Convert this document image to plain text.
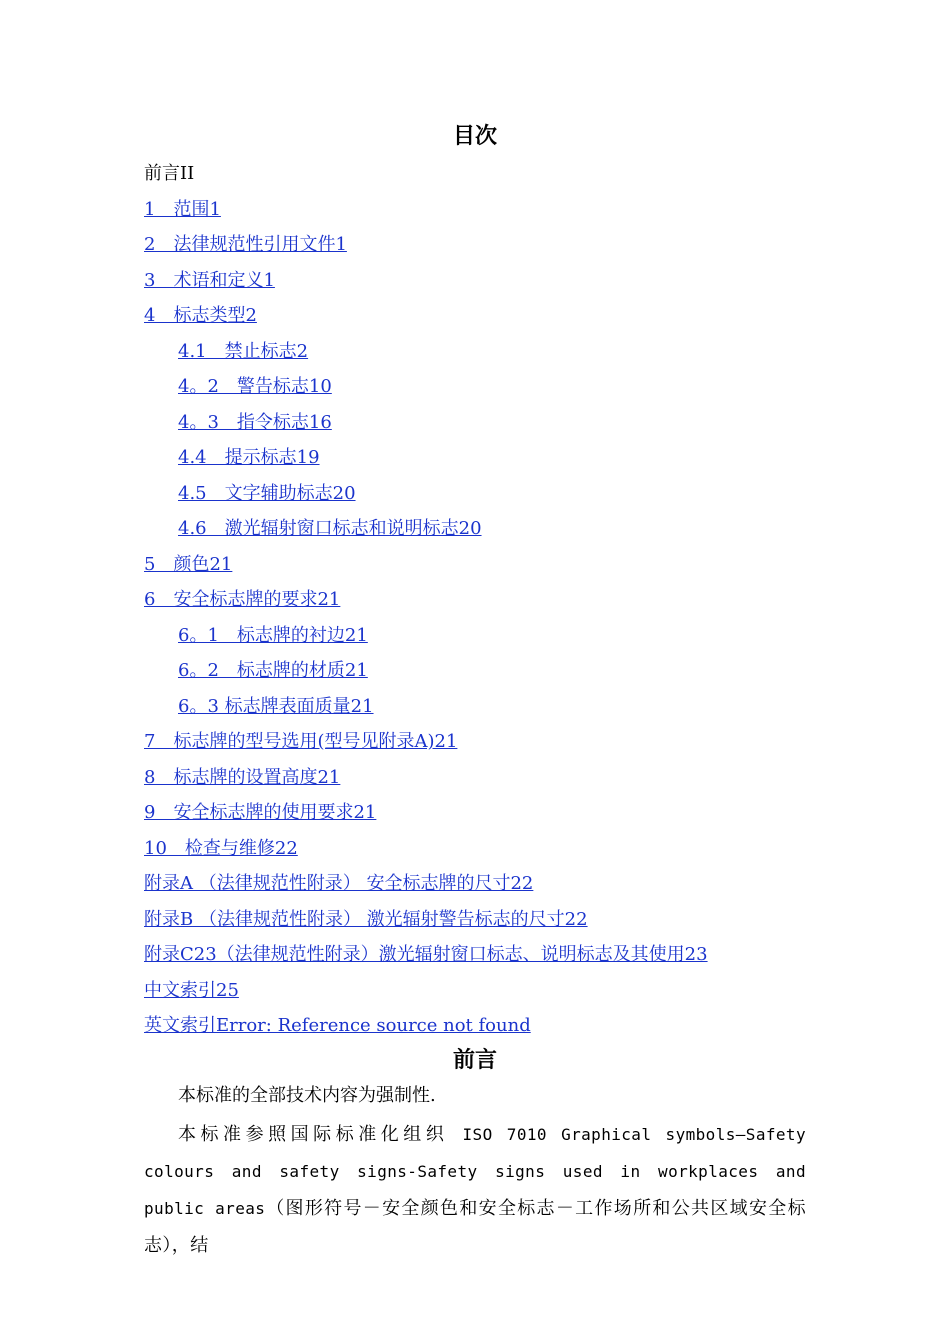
目次
前言II
1　范围1
2　法律规范性引用文件1
3　术语和定义1
4　标志类型2
4.1　禁止标志2
4。2　警告标志10
4。3　指令标志16
4.4　提示标志19
4.5　文字辅助标志20
4.6　激光辐射窗口标志和说明标志20
5　颜色21
6　安全标志牌的要求21
6。1　标志牌的衬边21
6。2　标志牌的材质21
6。3 标志牌表面质量21
7　标志牌的型号选用(型号见附录A)21
8　标志牌的设置高度21
9　安全标志牌的使用要求21
10　检查与维修22
附录A （法律规范性附录） 安全标志牌的尺寸22
附录B （法律规范性附录） 激光辐射警告标志的尺寸22
附录C23（法律规范性附录）激光辐射窗口标志、说明标志及其使用23
中文索引25
英文索引Error: Reference source not found
前言
本标准的全部技术内容为强制性.
本标准参照国际标准化组织 ISO 7010 Graphical symbols—Safety colours and safety signs-Safety signs used in workplaces and public areas（图形符号－安全颜色和安全标志－工作场所和公共区域安全标志），结
